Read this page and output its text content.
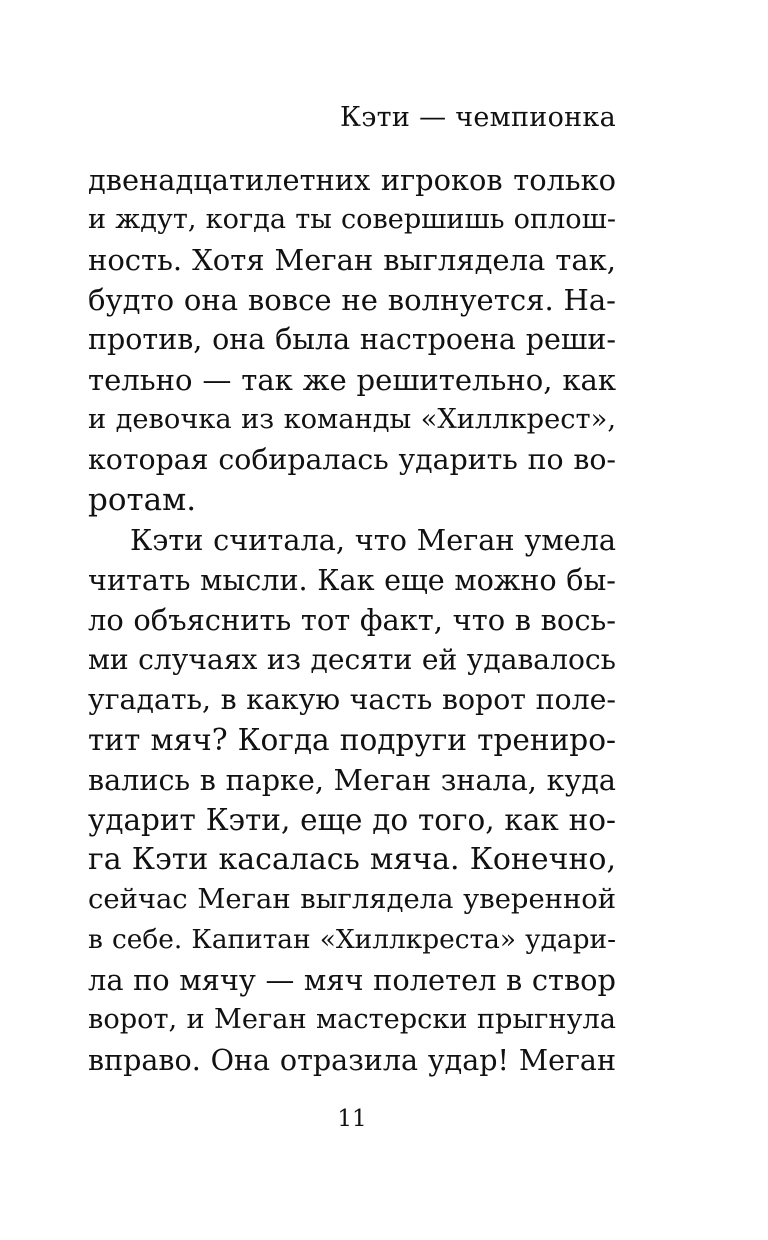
Кэти — чемпионка
двенадцатилетних игроков только
и ждут, когда ты совершишь оплош-
ность. Хотя Меган выглядела так,
будто она вовсе не волнуется. На-
против, она была настроена реши-
тельно — так же решительно, как
и девочка из команды «Хиллкрест»,
которая собиралась ударить по во-
ротам.
Кэти считала, что Меган умела
читать мысли. Как еще можно бы-
ло объяснить тот факт, что в вось-
ми случаях из десяти ей удавалось
угадать, в какую часть ворот поле-
тит мяч? Когда подруги трениро-
вались в парке, Меган знала, куда
ударит Кэти, еще до того, как но-
га Кэти касалась мяча. Конечно,
сейчас Меган выглядела уверенной
в себе. Капитан «Хиллкреста» удари-
ла по мячу — мяч полетел в створ
ворот, и Меган мастерски прыгнула
вправо. Она отразила удар! Меган
11
